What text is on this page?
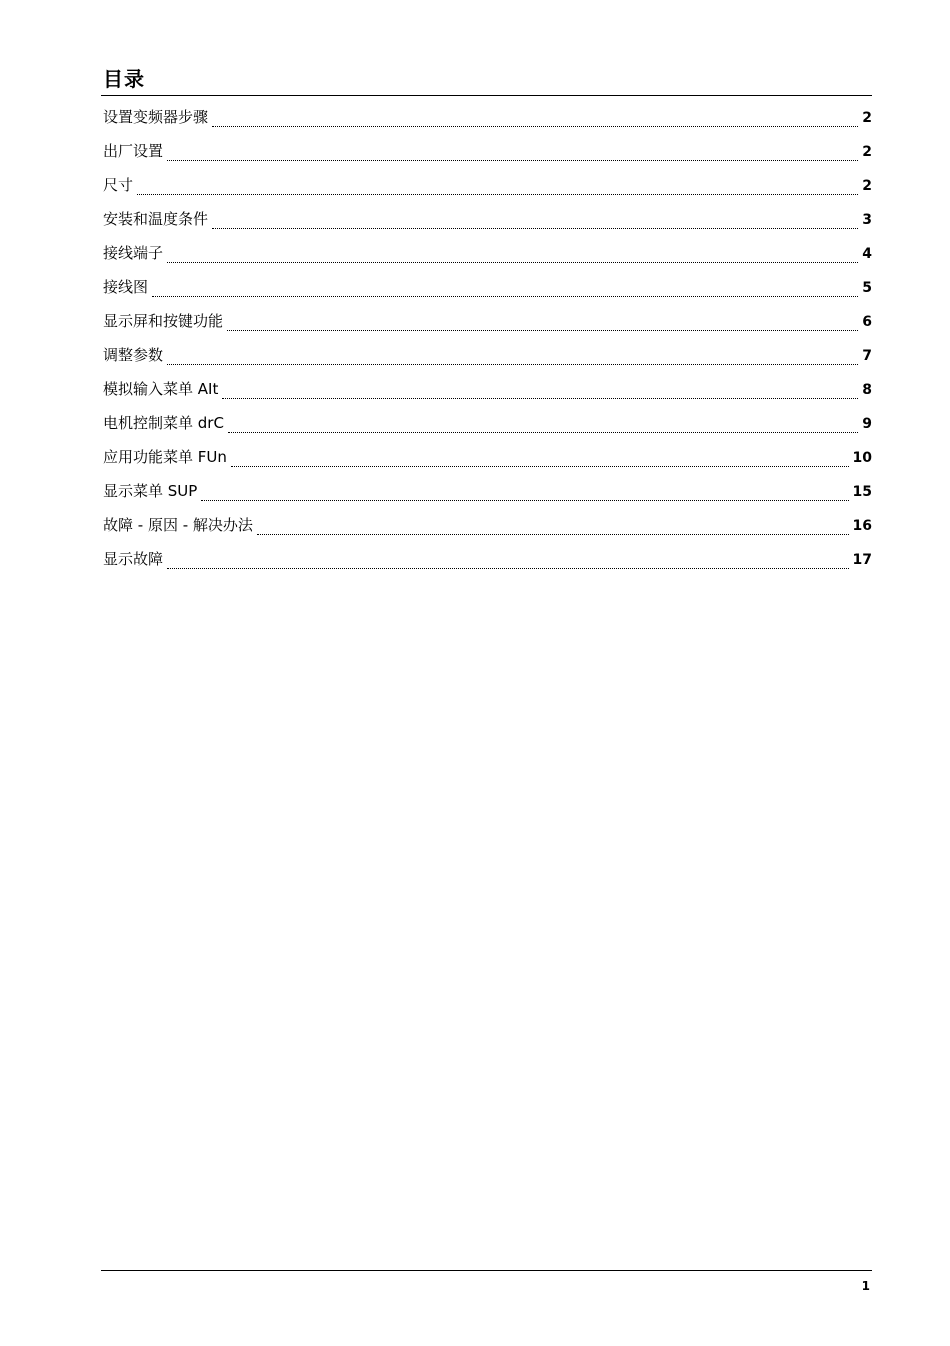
目录
设置变频器步骤	2
出厂设置	2
尺寸	2
安装和温度条件	3
接线端子	4
接线图	5
显示屏和按键功能	6
调整参数	7
模拟输入菜单 AIt	8
电机控制菜单 drC	9
应用功能菜单 FUn	10
显示菜单 SUP	15
故障 - 原因 - 解决办法	16
显示故障	17
1
